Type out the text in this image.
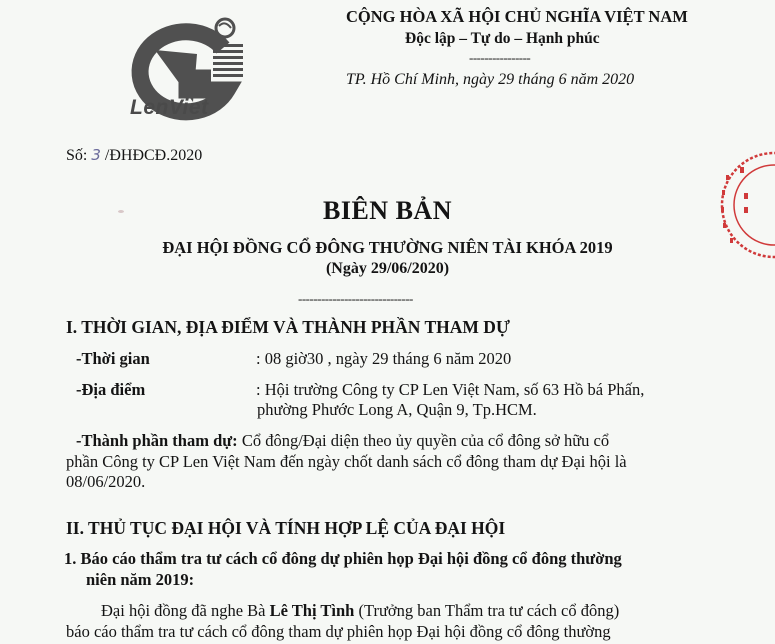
LenViet
CỘNG HÒA XÃ HỘI CHỦ NGHĨA VIỆT NAM
Độc lập – Tự do – Hạnh phúc
----------------
TP. Hồ Chí Minh, ngày 29 tháng 6 năm 2020
Số: 3 /ĐHĐCĐ.2020
BIÊN BẢN
ĐẠI HỘI ĐỒNG CỔ ĐÔNG THƯỜNG NIÊN TÀI KHÓA 2019
(Ngày 29/06/2020)
------------------------------
I. THỜI GIAN, ĐỊA ĐIỂM VÀ THÀNH PHẦN THAM DỰ
-Thời gian	: 08 giờ30 , ngày 29 tháng 6 năm 2020
-Địa điểm	: Hội trường Công ty CP Len Việt Nam, số 63 Hồ bá Phấn,
phường Phước Long A, Quận 9, Tp.HCM.
-Thành phần tham dự: Cổ đông/Đại diện theo ủy quyền của cổ đông sở hữu cổ
phần Công ty CP Len Việt Nam đến ngày chốt danh sách cổ đông tham dự Đại hội là
08/06/2020.
II. THỦ TỤC ĐẠI HỘI VÀ TÍNH HỢP LỆ CỦA ĐẠI HỘI
1. Báo cáo thẩm tra tư cách cổ đông dự phiên họp Đại hội đồng cổ đông thường
niên năm 2019:
Đại hội đồng đã nghe Bà Lê Thị Tình (Trưởng ban Thẩm tra tư cách cổ đông)
báo cáo thẩm tra tư cách cổ đông tham dự phiên họp Đại hội đồng cổ đông thường
